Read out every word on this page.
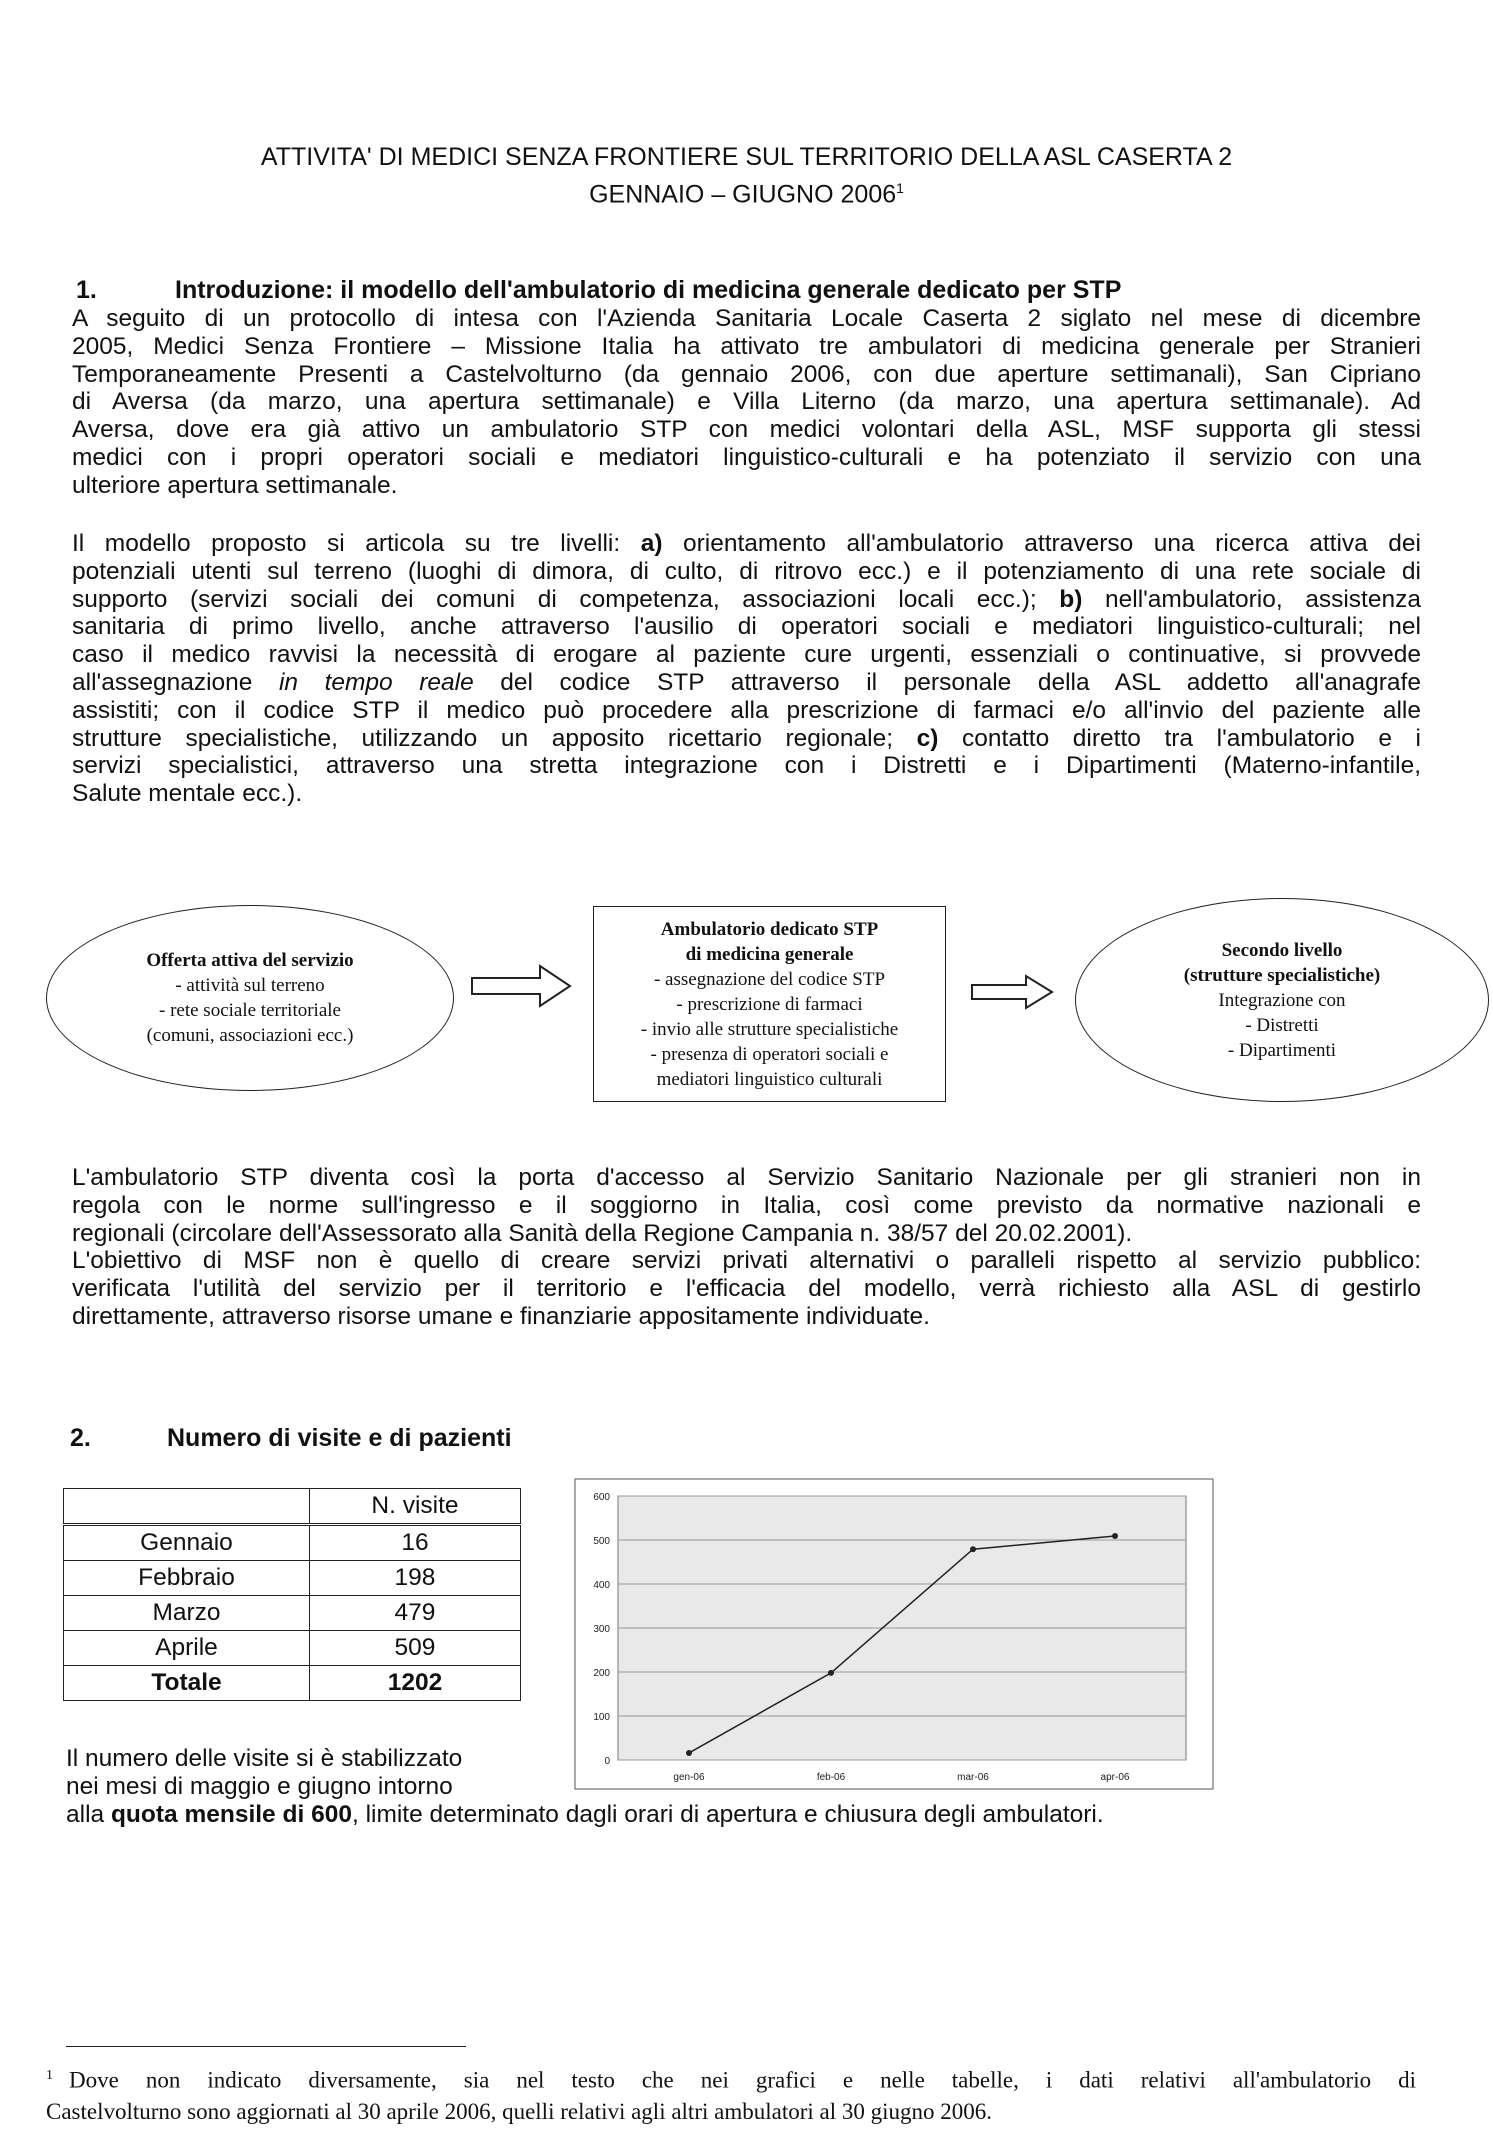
ATTIVITA' DI MEDICI SENZA FRONTIERE SUL TERRITORIO DELLA ASL CASERTA 2
GENNAIO – GIUGNO 2006$^1$
1.	Introduzione: il modello dell'ambulatorio di medicina generale dedicato per STP
A seguito di un protocollo di intesa con l'Azienda Sanitaria Locale Caserta 2 siglato nel mese di dicembre
2005, Medici Senza Frontiere – Missione Italia ha attivato tre ambulatori di medicina generale per Stranieri
Temporaneamente Presenti a Castelvolturno (da gennaio 2006, con due aperture settimanali), San Cipriano
di Aversa (da marzo, una apertura settimanale) e Villa Literno (da marzo, una apertura settimanale). Ad
Aversa, dove era già attivo un ambulatorio STP con medici volontari della ASL, MSF supporta gli stessi
medici con i propri operatori sociali e mediatori linguistico-culturali e ha potenziato il servizio con una
ulteriore apertura settimanale.
Il modello proposto si articola su tre livelli: a) orientamento all'ambulatorio attraverso una ricerca attiva dei
potenziali utenti sul terreno (luoghi di dimora, di culto, di ritrovo ecc.) e il potenziamento di una rete sociale di
supporto (servizi sociali dei comuni di competenza, associazioni locali ecc.); b) nell'ambulatorio, assistenza
sanitaria di primo livello, anche attraverso l'ausilio di operatori sociali e mediatori linguistico-culturali; nel
caso il medico ravvisi la necessità di erogare al paziente cure urgenti, essenziali o continuative, si provvede
all'assegnazione in tempo reale del codice STP attraverso il personale della ASL addetto all'anagrafe
assistiti; con il codice STP il medico può procedere alla prescrizione di farmaci e/o all'invio del paziente alle
strutture specialistiche, utilizzando un apposito ricettario regionale; c) contatto diretto tra l'ambulatorio e i
servizi specialistici, attraverso una stretta integrazione con i Distretti e i Dipartimenti (Materno-infantile,
Salute mentale ecc.).
Offerta attiva del servizio
- attività sul terreno
- rete sociale territoriale
(comuni, associazioni ecc.)
Ambulatorio dedicato STP
di medicina generale
- assegnazione del codice STP
- prescrizione di farmaci
- invio alle strutture specialistiche
- presenza di operatori sociali e
mediatori linguistico culturali
Secondo livello
(strutture specialistiche)
Integrazione con
- Distretti
- Dipartimenti
L'ambulatorio STP diventa così la porta d'accesso al Servizio Sanitario Nazionale per gli stranieri non in
regola con le norme sull'ingresso e il soggiorno in Italia, così come previsto da normative nazionali e
regionali (circolare dell'Assessorato alla Sanità della Regione Campania n. 38/57 del 20.02.2001).
L'obiettivo di MSF non è quello di creare servizi privati alternativi o paralleli rispetto al servizio pubblico:
verificata l'utilità del servizio per il territorio e l'efficacia del modello, verrà richiesto alla ASL di gestirlo
direttamente, attraverso risorse umane e finanziarie appositamente individuate.
2.	Numero di visite e di pazienti
	N. visite
Gennaio	16
Febbraio	198
Marzo	479
Aprile	509
Totale	1202
0
100
200
300
400
500
600
gen-06	feb-06	mar-06	apr-06
Il numero delle visite si è stabilizzato
nei mesi di maggio e giugno intorno
alla quota mensile di 600, limite determinato dagli orari di apertura e chiusura degli ambulatori.
$^1$ Dove non indicato diversamente, sia nel testo che nei grafici e nelle tabelle, i dati relativi all'ambulatorio di
Castelvolturno sono aggiornati al 30 aprile 2006, quelli relativi agli altri ambulatori al 30 giugno 2006.
